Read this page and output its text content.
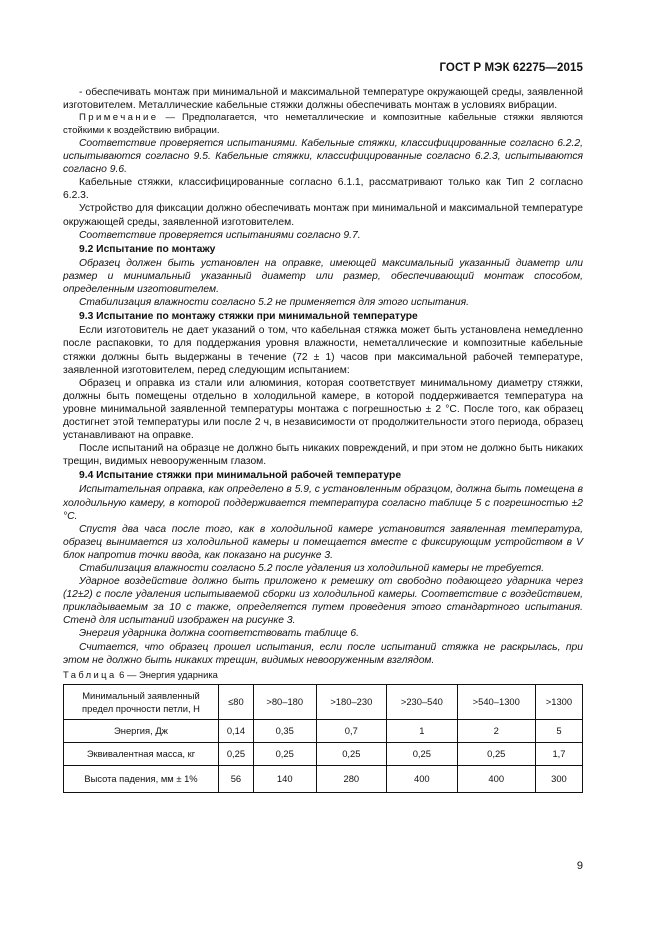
ГОСТ Р МЭК 62275—2015

- обеспечивать монтаж при минимальной и максимальной температуре окружающей среды, заявленной изготовителем. Металлические кабельные стяжки должны обеспечивать монтаж в условиях вибрации.

Примечание — Предполагается, что неметаллические и композитные кабельные стяжки являются стойкими к воздействию вибрации.

Соответствие проверяется испытаниями. Кабельные стяжки, классифицированные согласно 6.2.2, испытываются согласно 9.5. Кабельные стяжки, классифицированные согласно 6.2.3, испытываются согласно 9.6.

Кабельные стяжки, классифицированные согласно 6.1.1, рассматривают только как Тип 2 согласно 6.2.3.

Устройство для фиксации должно обеспечивать монтаж при минимальной и максимальной температуре окружающей среды, заявленной изготовителем.

Соответствие проверяется испытаниями согласно 9.7.

9.2 Испытание по монтажу

Образец должен быть установлен на оправке, имеющей максимальный указанный диаметр или размер и минимальный указанный диаметр или размер, обеспечивающий монтаж способом, определенным изготовителем.

Стабилизация влажности согласно 5.2 не применяется для этого испытания.

9.3 Испытание по монтажу стяжки при минимальной температуре

Если изготовитель не дает указаний о том, что кабельная стяжка может быть установлена немедленно после распаковки, то для поддержания уровня влажности, неметаллические и композитные кабельные стяжки должны быть выдержаны в течение (72 ± 1) часов при максимальной рабочей температуре, заявленной изготовителем, перед следующим испытанием:

Образец и оправка из стали или алюминия, которая соответствует минимальному диаметру стяжки, должны быть помещены отдельно в холодильной камере, в которой поддерживается температура на уровне минимальной заявленной температуры монтажа с погрешностью ± 2 °С. После того, как образец достигнет этой температуры или после 2 ч, в независимости от продолжительности этого периода, образец устанавливают на оправке.

После испытаний на образце не должно быть никаких повреждений, и при этом не должно быть никаких трещин, видимых невооруженным глазом.

9.4 Испытание стяжки при минимальной рабочей температуре

Испытательная оправка, как определено в 5.9, с установленным образцом, должна быть помещена в холодильную камеру, в которой поддерживается температура согласно таблице 5 с погрешностью ±2 °С.

Спустя два часа после того, как в холодильной камере установится заявленная температура, образец вынимается из холодильной камеры и помещается вместе с фиксирующим устройством в V блок напротив точки ввода, как показано на рисунке 3.

Стабилизация влажности согласно 5.2 после удаления из холодильной камеры не требуется.

Ударное воздействие должно быть приложено к ремешку от свободно подающего ударника через (12±2) с после удаления испытываемой сборки из холодильной камеры. Соответствие с воздействием, прикладываемым за 10 с также, определяется путем проведения этого стандартного испытания. Стенд для испытаний изображен на рисунке 3.

Энергия ударника должна соответствовать таблице 6.

Считается, что образец прошел испытания, если после испытаний стяжка не раскрылась, при этом не должно быть никаких трещин, видимых невооруженным взглядом.

Таблица 6 — Энергия ударника

Минимальный заявленный предел прочности петли, Н	≤80	>80–180	>180–230	>230–540	>540–1300	>1300
Энергия, Дж	0,14	0,35	0,7	1	2	5
Эквивалентная масса, кг	0,25	0,25	0,25	0,25	0,25	1,7
Высота падения, мм ± 1%	56	140	280	400	400	300
9
